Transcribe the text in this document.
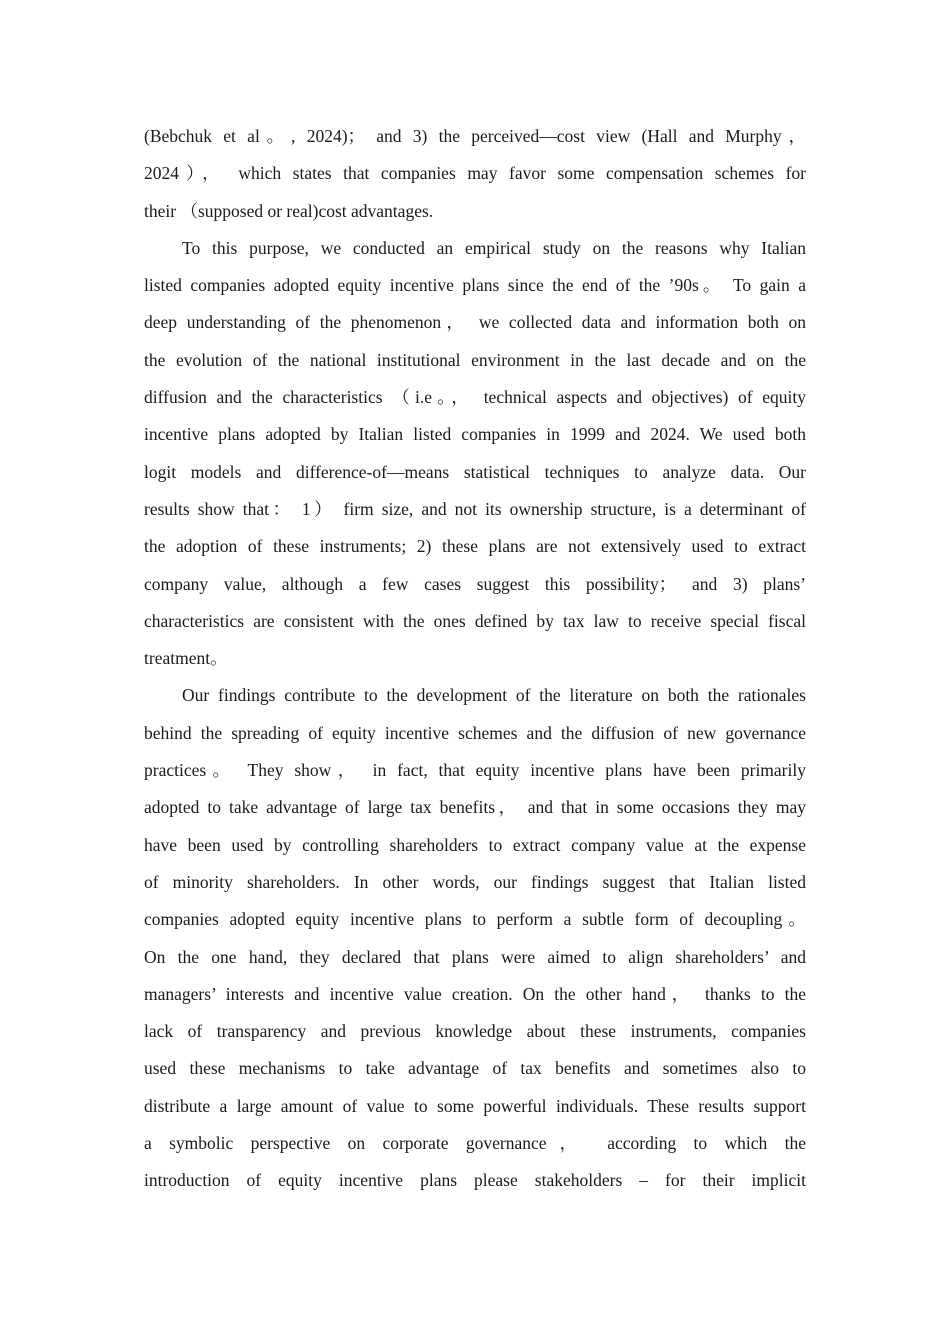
(Bebchuk et al。, 2024)； and 3) the perceived—cost view (Hall and Murphy，
2024）， which states that companies may favor some compensation schemes for
their （supposed or real)cost advantages.
To this purpose, we conducted an empirical study on the reasons why Italian
listed companies adopted equity incentive plans since the end of the ’90s。 To gain a
deep understanding of the phenomenon， we collected data and information both on
the evolution of the national institutional environment in the last decade and on the
diffusion and the characteristics （i.e。， technical aspects and objectives) of equity
incentive plans adopted by Italian listed companies in 1999 and 2024. We used both
logit models and difference-of—means statistical techniques to analyze data. Our
results show that： 1） firm size, and not its ownership structure, is a determinant of
the adoption of these instruments; 2) these plans are not extensively used to extract
company value, although a few cases suggest this possibility； and 3) plans’
characteristics are consistent with the ones defined by tax law to receive special fiscal
treatment。
Our findings contribute to the development of the literature on both the rationales
behind the spreading of equity incentive schemes and the diffusion of new governance
practices。 They show， in fact, that equity incentive plans have been primarily
adopted to take advantage of large tax benefits， and that in some occasions they may
have been used by controlling shareholders to extract company value at the expense
of minority shareholders. In other words, our findings suggest that Italian listed
companies adopted equity incentive plans to perform a subtle form of decoupling。
On the one hand, they declared that plans were aimed to align shareholders’ and
managers’ interests and incentive value creation. On the other hand， thanks to the
lack of transparency and previous knowledge about these instruments, companies
used these mechanisms to take advantage of tax benefits and sometimes also to
distribute a large amount of value to some powerful individuals. These results support
a symbolic perspective on corporate governance， according to which the
introduction of equity incentive plans please stakeholders – for their implicit
